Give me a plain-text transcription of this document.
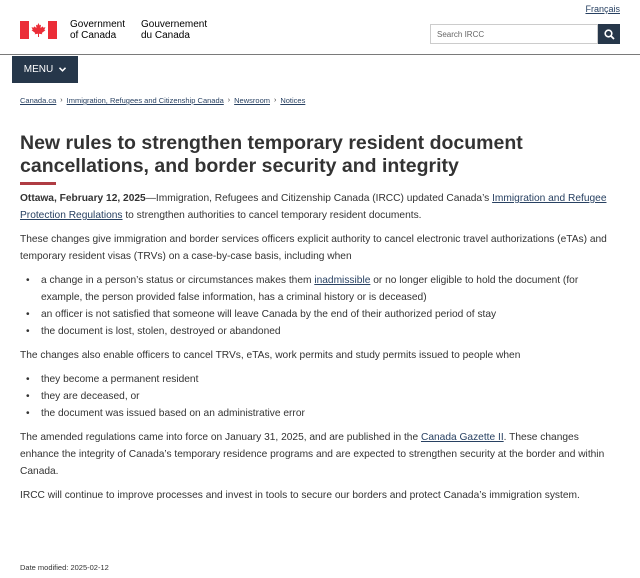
Français
Government
of Canada
Gouvernement
du Canada
Search IRCC
MENU
Canada.ca › Immigration, Refugees and Citizenship Canada › Newsroom › Notices
New rules to strengthen temporary resident document cancellations, and border security and integrity

Ottawa, February 12, 2025—Immigration, Refugees and Citizenship Canada (IRCC) updated Canada’s Immigration and Refugee Protection Regulations to strengthen authorities to cancel temporary resident documents.

These changes give immigration and border services officers explicit authority to cancel electronic travel authorizations (eTAs) and temporary resident visas (TRVs) on a case-by-case basis, including when

• a change in a person’s status or circumstances makes them inadmissible or no longer eligible to hold the document (for example, the person provided false information, has a criminal history or is deceased)
• an officer is not satisfied that someone will leave Canada by the end of their authorized period of stay
• the document is lost, stolen, destroyed or abandoned

The changes also enable officers to cancel TRVs, eTAs, work permits and study permits issued to people when

• they become a permanent resident
• they are deceased, or
• the document was issued based on an administrative error

The amended regulations came into force on January 31, 2025, and are published in the Canada Gazette II. These changes enhance the integrity of Canada’s temporary residence programs and are expected to strengthen security at the border and within Canada.

IRCC will continue to improve processes and invest in tools to secure our borders and protect Canada’s immigration system.

Date modified: 2025-02-12
